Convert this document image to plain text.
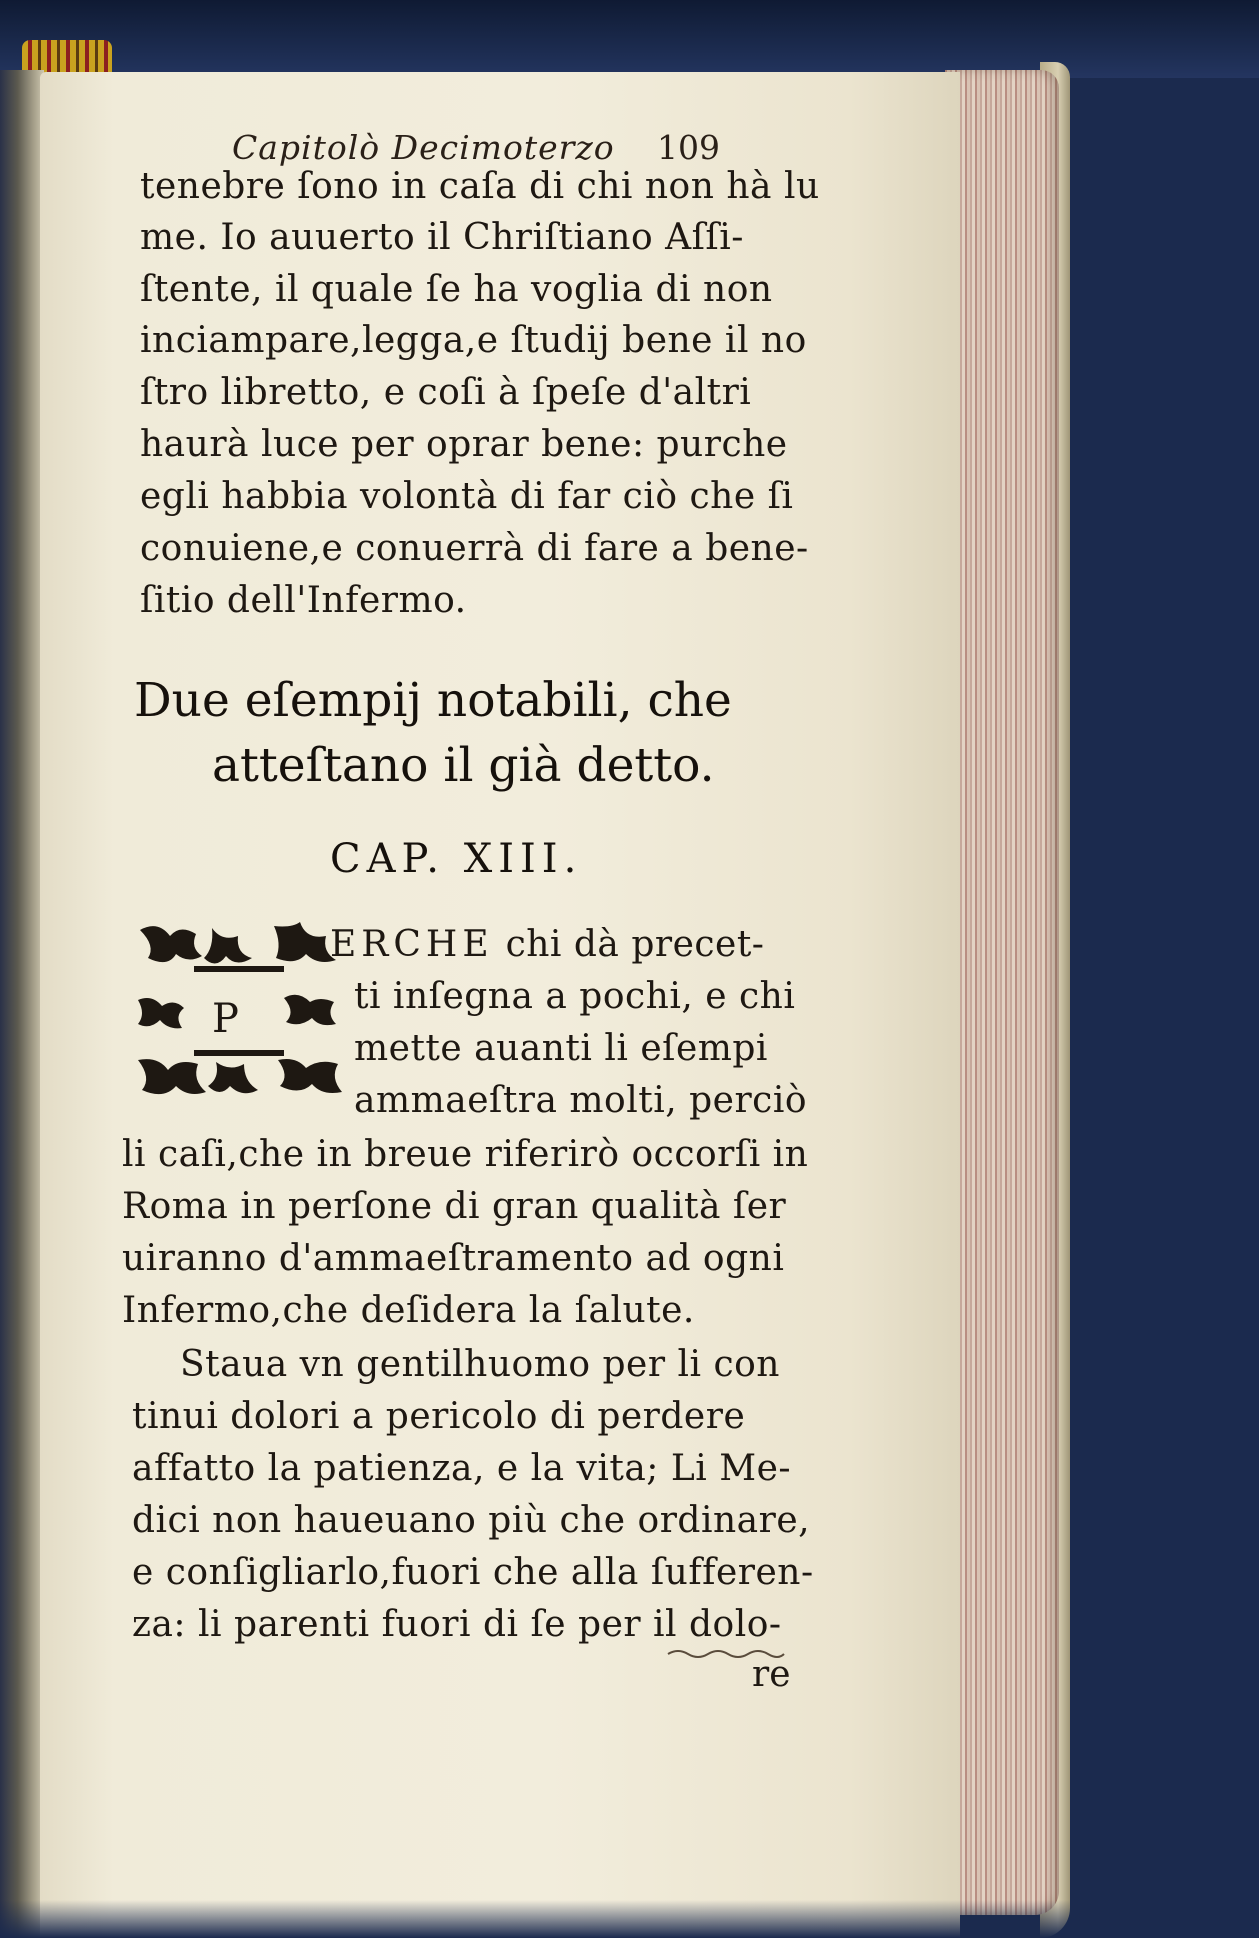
Capitolò Decimoterzo 109
tenebre ſono in caſa di chi non hà lu
me. Io auuerto il Chriſtiano Aſſi-
ſtente, il quale ſe ha voglia di non
inciampare,legga,e ſtudij bene il no
ſtro libretto, e coſi à ſpeſe d'altri
haurà luce per oprar bene: purche
egli habbia volontà di far ciò che ſi
conuiene,e conuerrà di fare a bene-
ſitio dell'Infermo.
Due eſempij notabili, che
atteſtano il già detto.
CAP. XIII.
ERCHE chi dà precet-
ti inſegna a pochi, e chi
mette auanti li eſempi
ammaeſtra molti, perciò
li caſi,che in breue riferirò occorſi in
Roma in perſone di gran qualità ſer
uiranno d'ammaeſtramento ad ogni
Infermo,che deſidera la ſalute.
Staua vn gentilhuomo per li con
tinui dolori a pericolo di perdere
affatto la patienza, e la vita; Li Me-
dici non haueuano più che ordinare,
e conſigliarlo,fuori che alla ſufferen-
za: li parenti fuori di ſe per il dolo-
re
P
